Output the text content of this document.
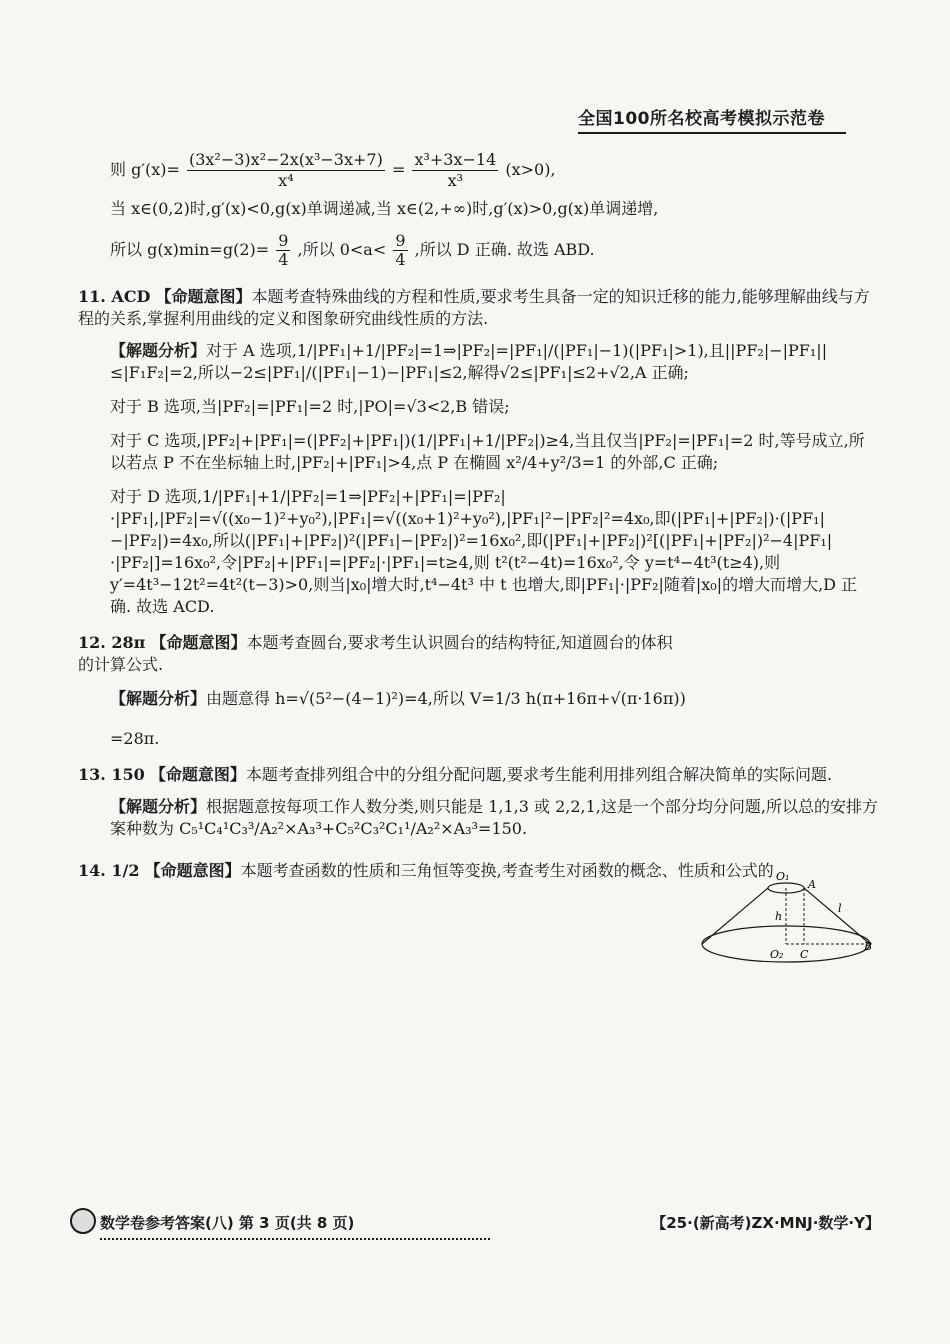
全国100所名校高考模拟示范卷
则 $g'(x)= \frac{\text{(3x²−3)x²−2x(x³−3x+7)}}{\text{x⁴}} = \frac{\text{x³+3x−14}}{\text{x³}} (x>0)$,
当 x∈(0,2)时,g′(x)<0,g(x)单调递减,当 x∈(2,+∞)时,g′(x)>0,g(x)单调递增,
所以 $g(x)\min=g(2)= \frac{9}{4}$ ,所以 $0<a< \frac{9}{4}$ ,所以 D 正确. 故选 ABD.
11. ACD 【命题意图】本题考查特殊曲线的方程和性质,要求考生具备一定的知识迁移的能力,能够理解曲线与方程的关系,掌握利用曲线的定义和图象研究曲线性质的方法.
【解题分析】对于 A 选项,1/|PF₁|+1/|PF₂|=1⇒|PF₂|=|PF₁|/(|PF₁|−1)(|PF₁|>1),且||PF₂|−|PF₁||≤|F₁F₂|=2,所以−2≤|PF₁|/(|PF₁|−1)−|PF₁|≤2,解得√2≤|PF₁|≤2+√2,A 正确;
对于 B 选项,当|PF₂|=|PF₁|=2 时,|PO|=√3<2,B 错误;
对于 C 选项,|PF₂|+|PF₁|=(|PF₂|+|PF₁|)(1/|PF₁|+1/|PF₂|)≥4,当且仅当|PF₂|=|PF₁|=2 时,等号成立,所以若点 P 不在坐标轴上时,|PF₂|+|PF₁|>4,点 P 在椭圆 x²/4+y²/3=1 的外部,C 正确;
对于 D 选项,1/|PF₁|+1/|PF₂|=1⇒|PF₂|+|PF₁|=|PF₂|·|PF₁|,|PF₂|=√((x₀−1)²+y₀²),|PF₁|=√((x₀+1)²+y₀²),|PF₁|²−|PF₂|²=4x₀,即(|PF₁|+|PF₂|)·(|PF₁|−|PF₂|)=4x₀,所以(|PF₁|+|PF₂|)²(|PF₁|−|PF₂|)²=16x₀²,即(|PF₁|+|PF₂|)²[(|PF₁|+|PF₂|)²−4|PF₁|·|PF₂|]=16x₀²,令|PF₂|+|PF₁|=|PF₂|·|PF₁|=t≥4,则 t²(t²−4t)=16x₀²,令 y=t⁴−4t³(t≥4),则 y′=4t³−12t²=4t²(t−3)>0,则当|x₀|增大时,t⁴−4t³ 中 t 也增大,即|PF₁|·|PF₂|随着|x₀|的增大而增大,D 正确. 故选 ACD.
12. 28π 【命题意图】本题考查圆台,要求考生认识圆台的结构特征,知道圆台的体积的计算公式.
【解题分析】由题意得 h=√(5²−(4−1)²)=4,所以 V=1/3 h(π+16π+√(π·16π))
=28π.
13. 150 【命题意图】本题考查排列组合中的分组分配问题,要求考生能利用排列组合解决简单的实际问题.
【解题分析】根据题意按每项工作人数分类,则只能是 1,1,3 或 2,2,1,这是一个部分均分问题,所以总的安排方案种数为 C₅¹C₄¹C₃³/A₂²×A₃³+C₅²C₃²C₁¹/A₂²×A₃³=150.
14. 1/2 【命题意图】本题考查函数的性质和三角恒等变换,考查考生对函数的概念、性质和公式的 O₁
A
l
h
O₂ C
B
数学卷参考答案(八) 第 3 页(共 8 页)	【25·(新高考)ZX·MNJ·数学·Y】
